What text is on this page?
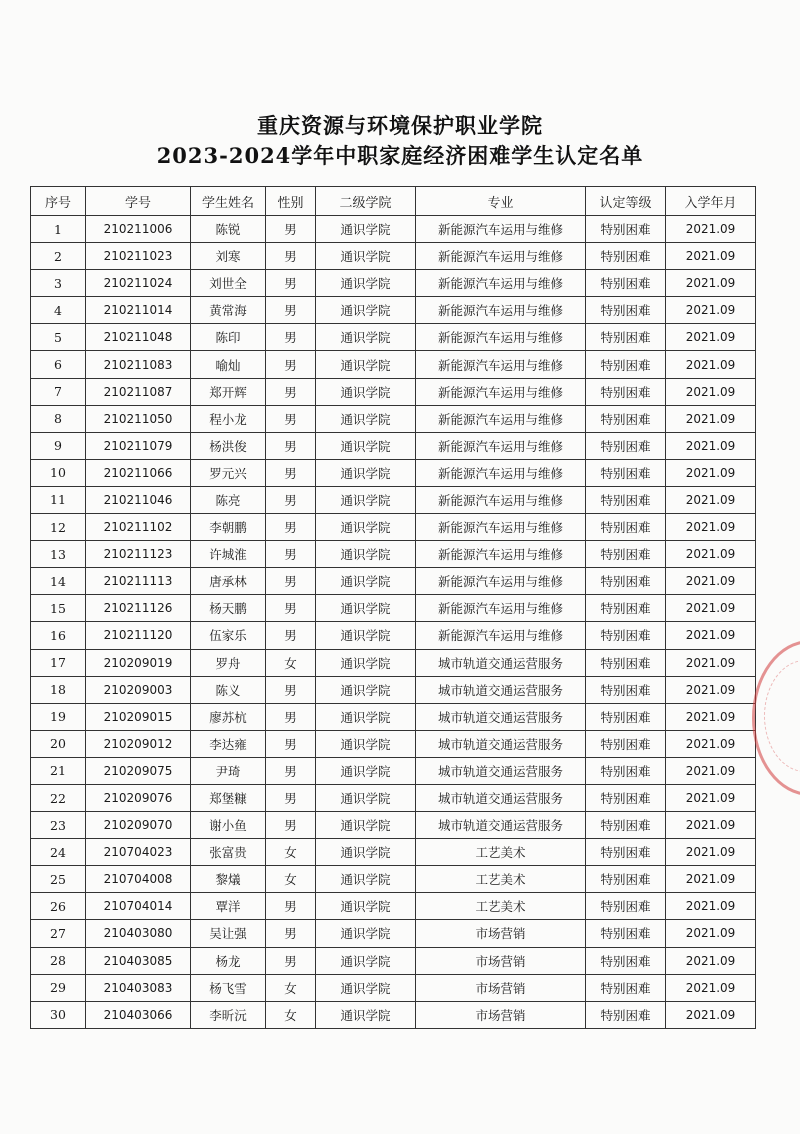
重庆资源与环境保护职业学院
2023-2024学年中职家庭经济困难学生认定名单
序号	学号	学生姓名	性别	二级学院	专业	认定等级	入学年月
1	210211006	陈锐	男	通识学院	新能源汽车运用与维修	特别困难	2021.09
2	210211023	刘寒	男	通识学院	新能源汽车运用与维修	特别困难	2021.09
3	210211024	刘世全	男	通识学院	新能源汽车运用与维修	特别困难	2021.09
4	210211014	黄常海	男	通识学院	新能源汽车运用与维修	特别困难	2021.09
5	210211048	陈印	男	通识学院	新能源汽车运用与维修	特别困难	2021.09
6	210211083	喻灿	男	通识学院	新能源汽车运用与维修	特别困难	2021.09
7	210211087	郑开辉	男	通识学院	新能源汽车运用与维修	特别困难	2021.09
8	210211050	程小龙	男	通识学院	新能源汽车运用与维修	特别困难	2021.09
9	210211079	杨洪俊	男	通识学院	新能源汽车运用与维修	特别困难	2021.09
10	210211066	罗元兴	男	通识学院	新能源汽车运用与维修	特别困难	2021.09
11	210211046	陈亮	男	通识学院	新能源汽车运用与维修	特别困难	2021.09
12	210211102	李朝鹏	男	通识学院	新能源汽车运用与维修	特别困难	2021.09
13	210211123	许城淮	男	通识学院	新能源汽车运用与维修	特别困难	2021.09
14	210211113	唐承林	男	通识学院	新能源汽车运用与维修	特别困难	2021.09
15	210211126	杨天鹏	男	通识学院	新能源汽车运用与维修	特别困难	2021.09
16	210211120	伍家乐	男	通识学院	新能源汽车运用与维修	特别困难	2021.09
17	210209019	罗舟	女	通识学院	城市轨道交通运营服务	特别困难	2021.09
18	210209003	陈义	男	通识学院	城市轨道交通运营服务	特别困难	2021.09
19	210209015	廖苏杭	男	通识学院	城市轨道交通运营服务	特别困难	2021.09
20	210209012	李达雍	男	通识学院	城市轨道交通运营服务	特别困难	2021.09
21	210209075	尹琦	男	通识学院	城市轨道交通运营服务	特别困难	2021.09
22	210209076	郑堡糠	男	通识学院	城市轨道交通运营服务	特别困难	2021.09
23	210209070	谢小鱼	男	通识学院	城市轨道交通运营服务	特别困难	2021.09
24	210704023	张富贵	女	通识学院	工艺美术	特别困难	2021.09
25	210704008	黎燨	女	通识学院	工艺美术	特别困难	2021.09
26	210704014	覃洋	男	通识学院	工艺美术	特别困难	2021.09
27	210403080	吴让强	男	通识学院	市场营销	特别困难	2021.09
28	210403085	杨龙	男	通识学院	市场营销	特别困难	2021.09
29	210403083	杨飞雪	女	通识学院	市场营销	特别困难	2021.09
30	210403066	李昕沅	女	通识学院	市场营销	特别困难	2021.09
